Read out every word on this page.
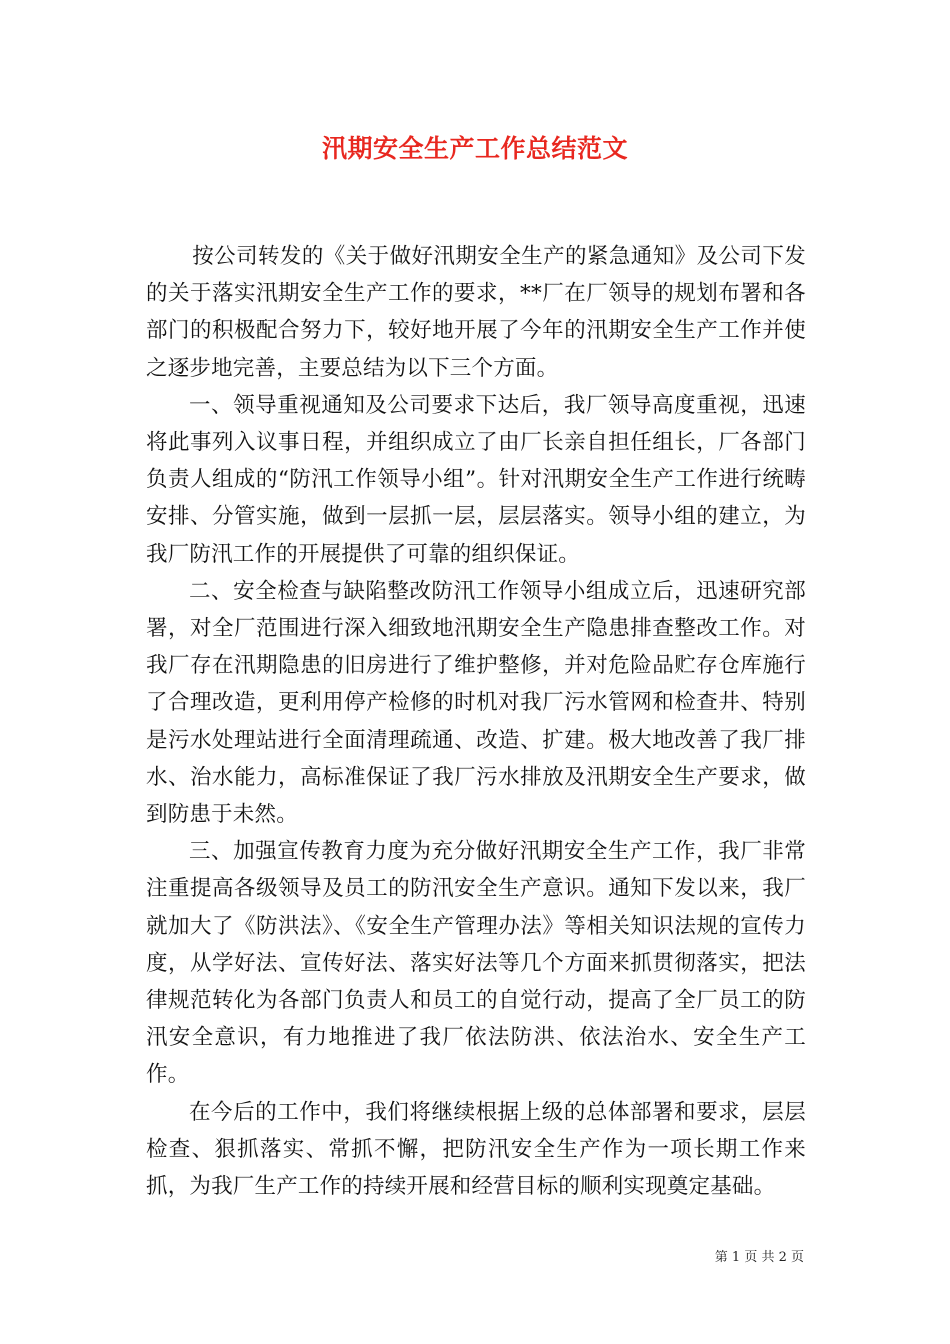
汛期安全生产工作总结范文

按公司转发的《关于做好汛期安全生产的紧急通知》及公司下发的关于落实汛期安全生产工作的要求，**厂在厂领导的规划布署和各部门的积极配合努力下，较好地开展了今年的汛期安全生产工作并使之逐步地完善，主要总结为以下三个方面。

一、领导重视通知及公司要求下达后，我厂领导高度重视，迅速将此事列入议事日程，并组织成立了由厂长亲自担任组长，厂各部门负责人组成的“防汛工作领导小组”。针对汛期安全生产工作进行统畴安排、分管实施，做到一层抓一层，层层落实。领导小组的建立，为我厂防汛工作的开展提供了可靠的组织保证。

二、安全检查与缺陷整改防汛工作领导小组成立后，迅速研究部署，对全厂范围进行深入细致地汛期安全生产隐患排查整改工作。对我厂存在汛期隐患的旧房进行了维护整修，并对危险品贮存仓库施行了合理改造，更利用停产检修的时机对我厂污水管网和检查井、特别是污水处理站进行全面清理疏通、改造、扩建。极大地改善了我厂排水、治水能力，高标准保证了我厂污水排放及汛期安全生产要求，做到防患于未然。

三、加强宣传教育力度为充分做好汛期安全生产工作，我厂非常注重提高各级领导及员工的防汛安全生产意识。通知下发以来，我厂就加大了《防洪法》、《安全生产管理办法》等相关知识法规的宣传力度，从学好法、宣传好法、落实好法等几个方面来抓贯彻落实，把法律规范转化为各部门负责人和员工的自觉行动，提高了全厂员工的防汛安全意识，有力地推进了我厂依法防洪、依法治水、安全生产工作。

在今后的工作中，我们将继续根据上级的总体部署和要求，层层检查、狠抓落实、常抓不懈，把防汛安全生产作为一项长期工作来抓，为我厂生产工作的持续开展和经营目标的顺利实现奠定基础。

第 1 页 共 2 页
